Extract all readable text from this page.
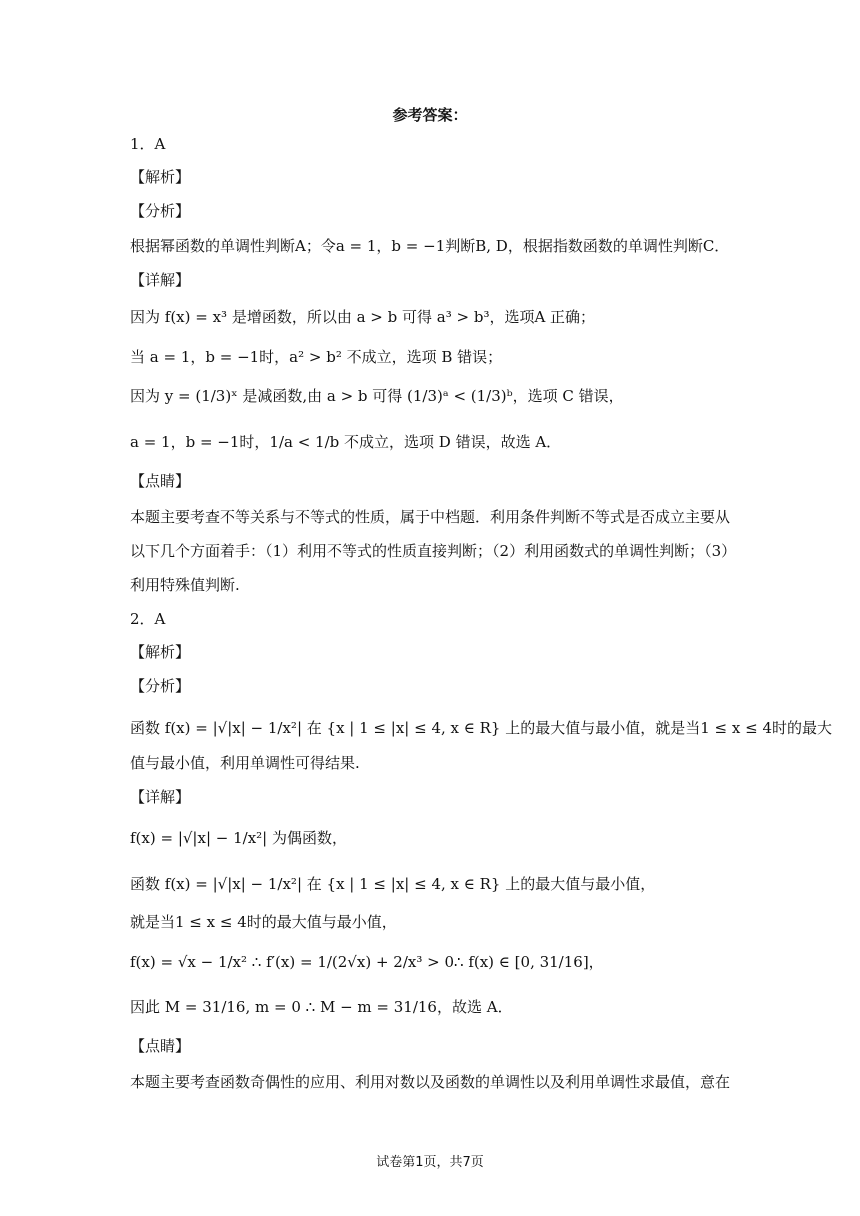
参考答案：
1．A
【解析】
【分析】
根据幂函数的单调性判断A；令a = 1，b = −1判断B, D，根据指数函数的单调性判断C．
【详解】
因为 f(x) = x³ 是增函数，所以由 a > b 可得 a³ > b³，选项A 正确；
当 a = 1，b = −1时，a² > b² 不成立，选项 B 错误；
因为 y = (1/3)ˣ 是减函数,由 a > b 可得 (1/3)ᵃ < (1/3)ᵇ，选项 C 错误，
a = 1，b = −1时，1/a < 1/b 不成立，选项 D 错误，故选 A．
【点睛】
本题主要考查不等关系与不等式的性质，属于中档题．利用条件判断不等式是否成立主要从
以下几个方面着手：（1）利用不等式的性质直接判断；（2）利用函数式的单调性判断；（3）
利用特殊值判断.
2．A
【解析】
【分析】
函数 f(x) = |√|x| − 1/x²| 在 {x | 1 ≤ |x| ≤ 4, x ∈ R} 上的最大值与最小值，就是当1 ≤ x ≤ 4时的最大
值与最小值，利用单调性可得结果.
【详解】
f(x) = |√|x| − 1/x²| 为偶函数，
函数 f(x) = |√|x| − 1/x²| 在 {x | 1 ≤ |x| ≤ 4, x ∈ R} 上的最大值与最小值，
就是当1 ≤ x ≤ 4时的最大值与最小值，
f(x) = √x − 1/x² ∴ f′(x) = 1/(2√x) + 2/x³ > 0∴ f(x) ∈ [0, 31/16]，
因此 M = 31/16, m = 0 ∴ M − m = 31/16，故选 A．
【点睛】
本题主要考查函数奇偶性的应用、利用对数以及函数的单调性以及利用单调性求最值，意在
试卷第1页，共7页
